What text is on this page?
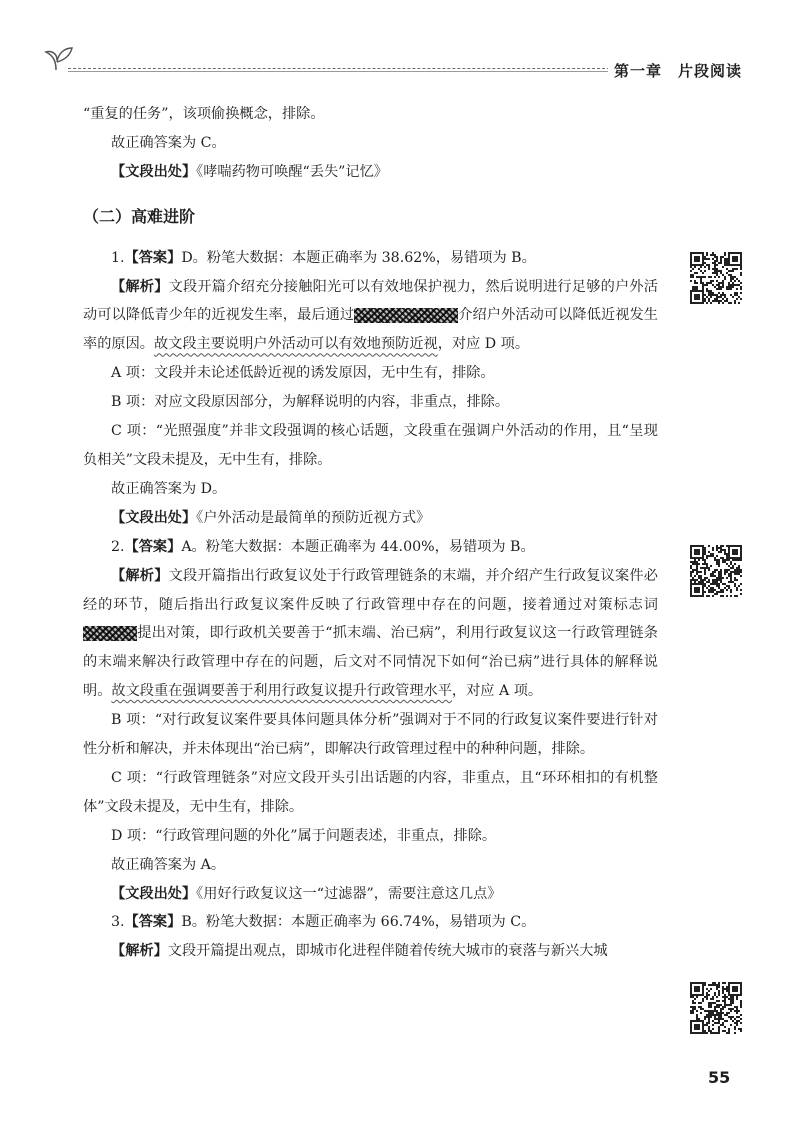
第一章 片段阅读

“重复的任务”，该项偷换概念，排除。

故正确答案为 C。

【文段出处】《哮喘药物可唤醒“丢失”记忆》

（二）高难进阶

1.【答案】D。粉笔大数据：本题正确率为 38.62%，易错项为 B。

【解析】文段开篇介绍充分接触阳光可以有效地保护视力，然后说明进行足够的户外活动可以降低青少年的近视发生率，最后通过	介绍户外活动可以降低近视发生率的原因。故文段主要说明户外活动可以有效地预防近视，对应 D 项。

A 项：文段并未论述低龄近视的诱发原因，无中生有，排除。

B 项：对应文段原因部分，为解释说明的内容，非重点，排除。

C 项：“光照强度”并非文段强调的核心话题，文段重在强调户外活动的作用，且“呈现负相关”文段未提及，无中生有，排除。

故正确答案为 D。

【文段出处】《户外活动是最简单的预防近视方式》

2.【答案】A。粉笔大数据：本题正确率为 44.00%，易错项为 B。

【解析】文段开篇指出行政复议处于行政管理链条的末端，并介绍产生行政复议案件必经的环节，随后指出行政复议案件反映了行政管理中存在的问题，接着通过对策标志词提出对策，即行政机关要善于“抓末端、治已病”，利用行政复议这一行政管理链条的末端来解决行政管理中存在的问题，后文对不同情况下如何“治已病”进行具体的解释说明。故文段重在强调要善于利用行政复议提升行政管理水平，对应 A 项。

B 项：“对行政复议案件要具体问题具体分析”强调对于不同的行政复议案件要进行针对性分析和解决，并未体现出“治已病”，即解决行政管理过程中的种种问题，排除。

C 项：“行政管理链条”对应文段开头引出话题的内容，非重点，且“环环相扣的有机整体”文段未提及，无中生有，排除。

D 项：“行政管理问题的外化”属于问题表述，非重点，排除。

故正确答案为 A。

【文段出处】《用好行政复议这一“过滤器”，需要注意这几点》

3.【答案】B。粉笔大数据：本题正确率为 66.74%，易错项为 C。

【解析】文段开篇提出观点，即城市化进程伴随着传统大城市的衰落与新兴大城

55
